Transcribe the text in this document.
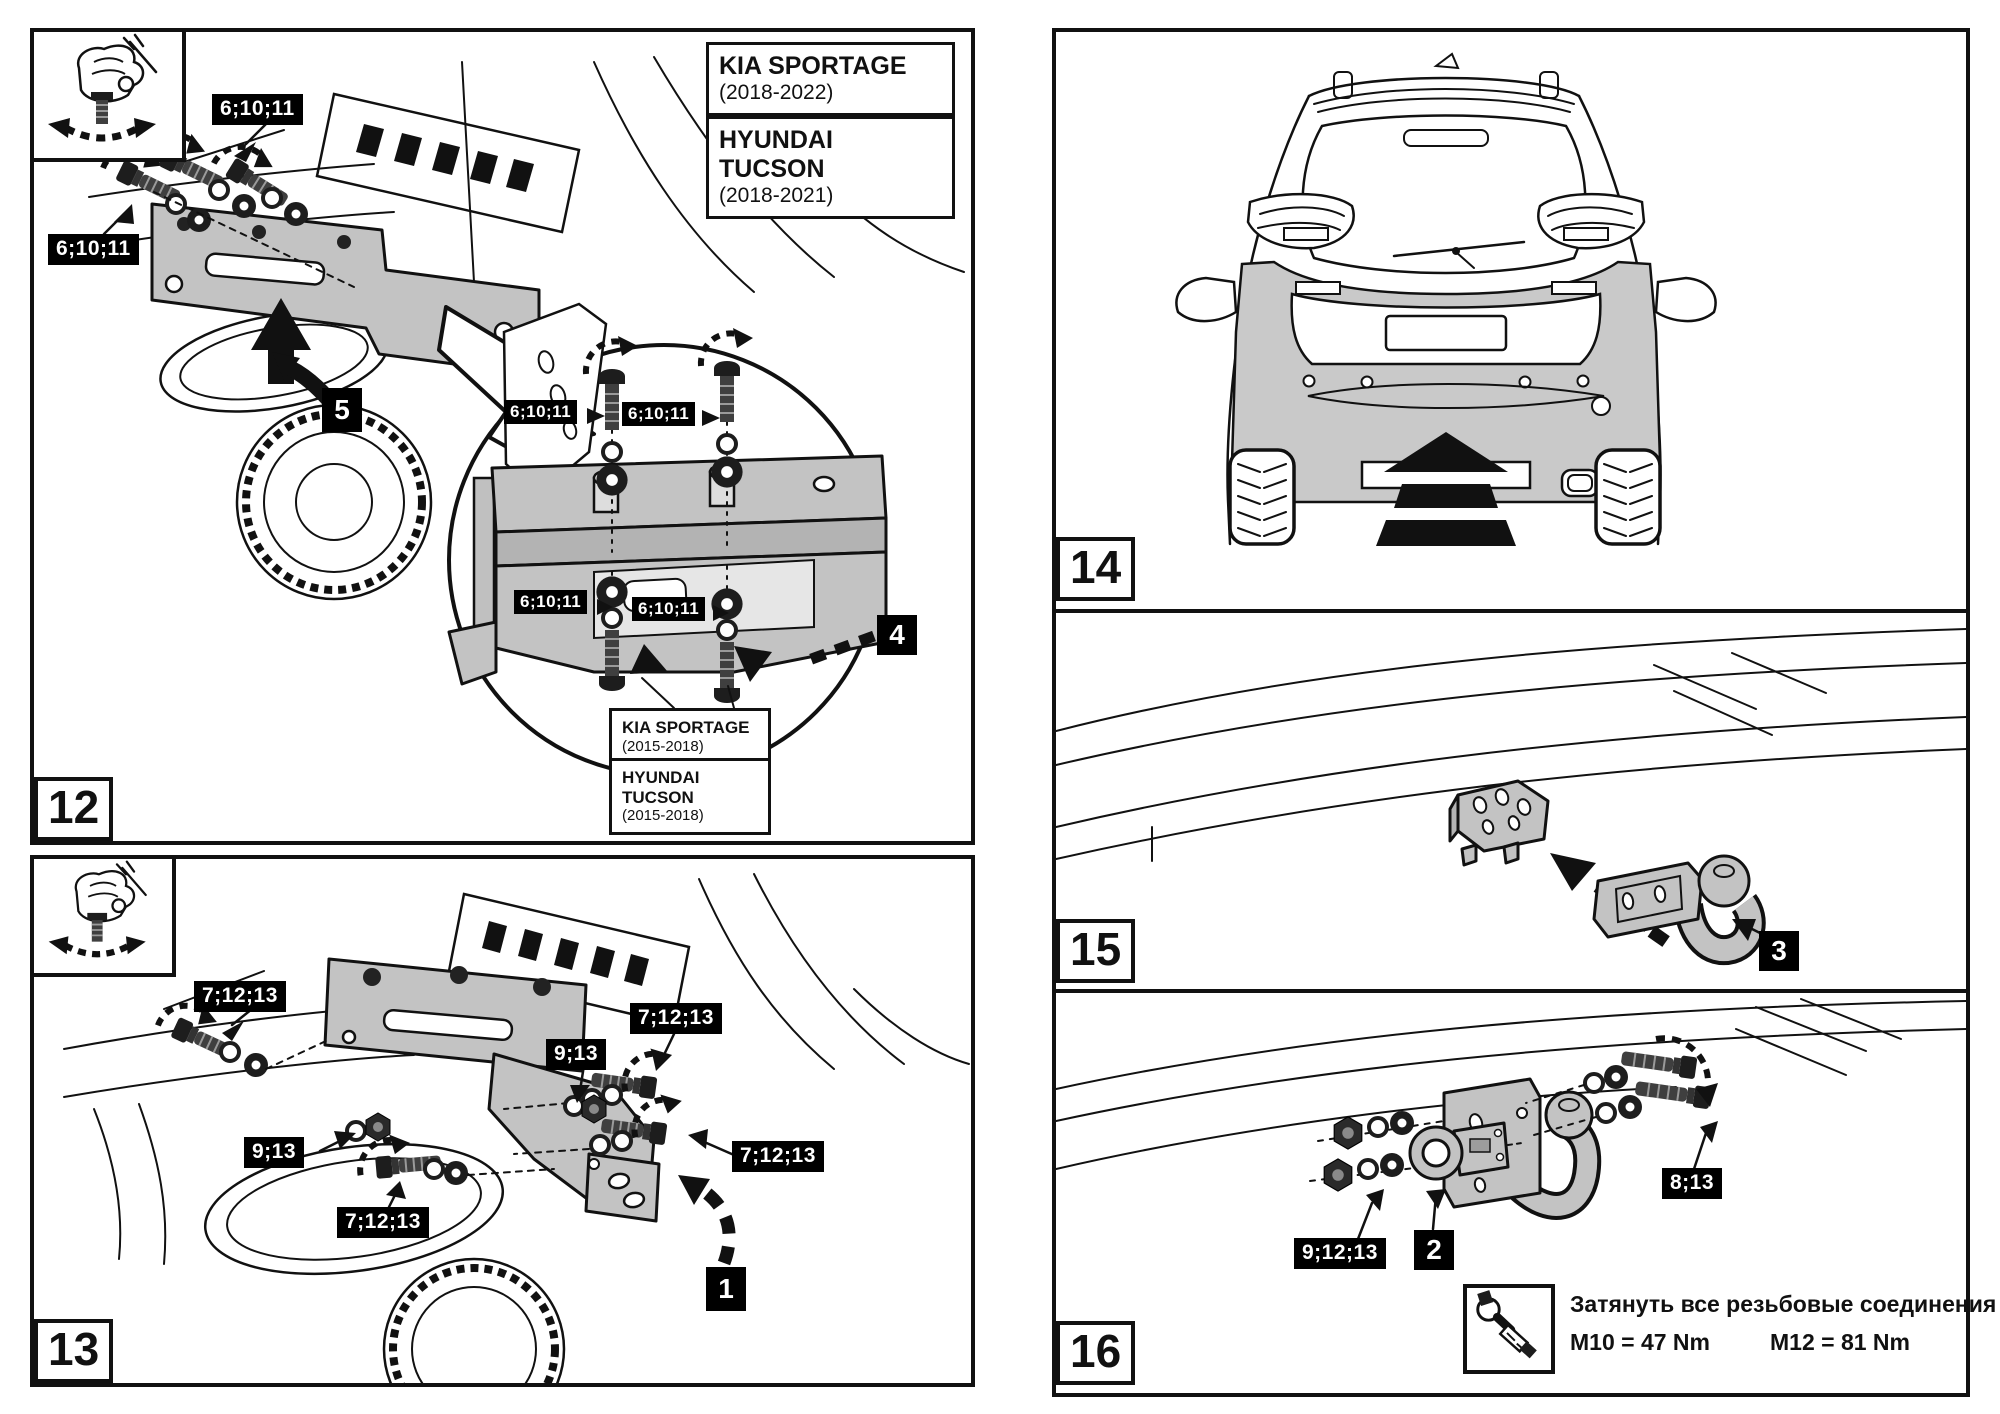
KIA SPORTAGE
(2018-2022)
HYUNDAI TUCSON
(2018-2021)
KIA SPORTAGE
(2015-2018)
HYUNDAI TUCSON
(2015-2018)
6;10;11
6;10;11
6;10;11	6;10;11
6;10;11	6;10;11
5
4
12
7;12;13
7;12;13
9;13
9;13
7;12;13
7;12;13
1
13
14
3
15
9;12;13
8;13
2
Затянуть все резьбовые соединения
M10 = 47 Nm	M12 = 81 Nm
16
